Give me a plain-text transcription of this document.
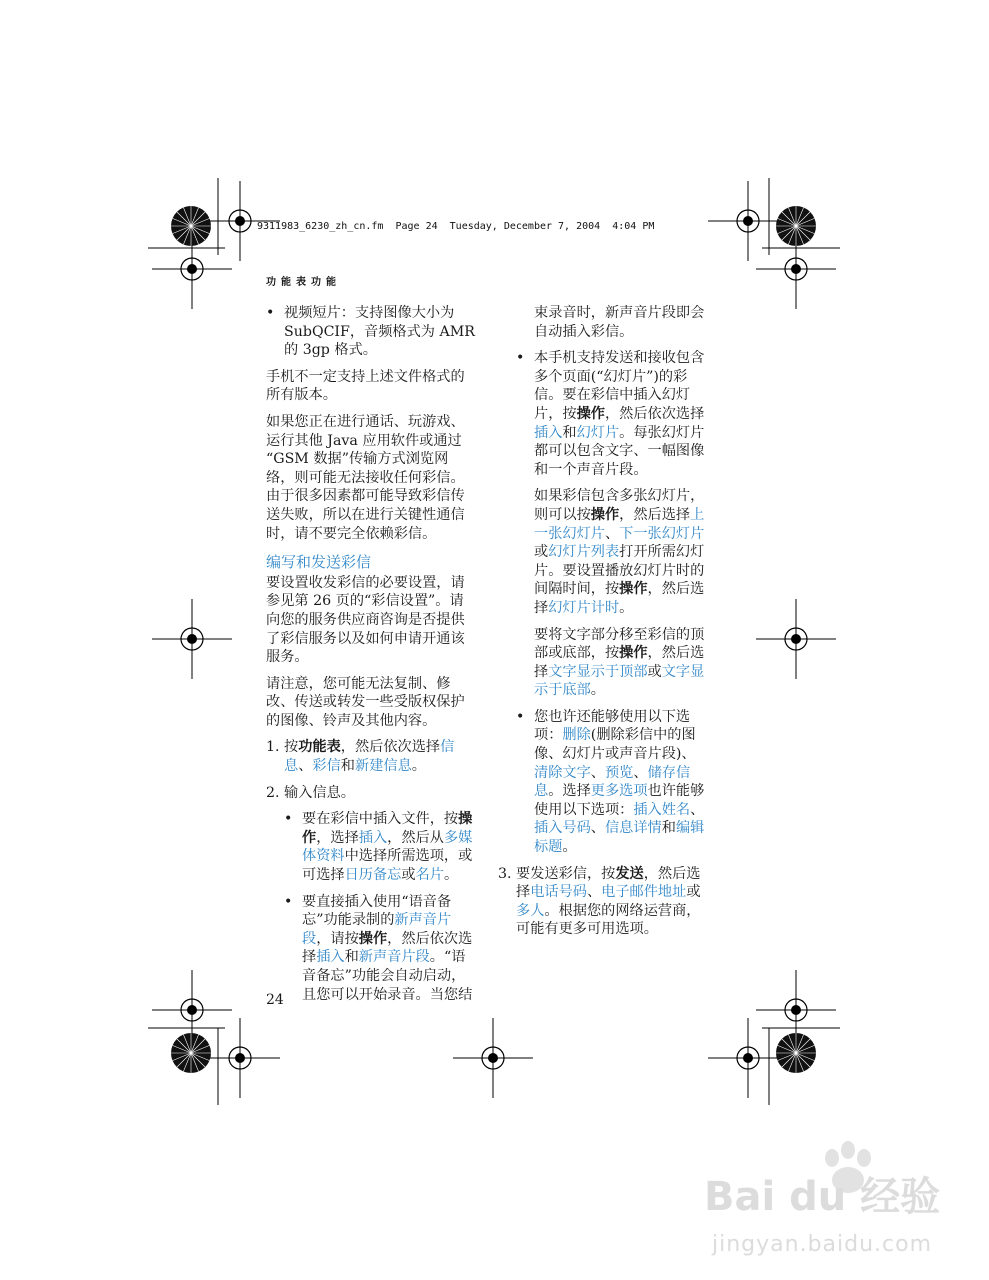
9311983_6230_zh_cn.fm  Page 24  Tuesday, December 7, 2004  4:04 PM
功能表功能
• 视频短片：支持图像大小为
SubQCIF，音频格式为 AMR
的 3gp 格式。

手机不一定支持上述文件格式的
所有版本。

如果您正在进行通话、玩游戏、
运行其他 Java 应用软件或通过
“GSM 数据”传输方式浏览网
络，则可能无法接收任何彩信。
由于很多因素都可能导致彩信传
送失败，所以在进行关键性通信
时，请不要完全依赖彩信。

编写和发送彩信

要设置收发彩信的必要设置，请
参见第 26 页的“彩信设置”。请
向您的服务供应商咨询是否提供
了彩信服务以及如何申请开通该
服务。

请注意，您可能无法复制、修
改、传送或转发一些受版权保护
的图像、铃声及其他内容。

1. 按功能表，然后依次选择信
息、彩信和新建信息。
2. 输入信息。
• 要在彩信中插入文件，按操
作，选择插入，然后从多媒
体资料中选择所需选项，或
可选择日历备忘或名片。
• 要直接插入使用“语音备
忘”功能录制的新声音片
段，请按操作，然后依次选
择插入和新声音片段。“语
音备忘”功能会自动启动，
且您可以开始录音。当您结

束录音时，新声音片段即会
自动插入彩信。

• 本手机支持发送和接收包含
多个页面(“幻灯片”)的彩
信。要在彩信中插入幻灯
片，按操作，然后依次选择
插入和幻灯片。每张幻灯片
都可以包含文字、一幅图像
和一个声音片段。

如果彩信包含多张幻灯片，
则可以按操作，然后选择上
一张幻灯片、下一张幻灯片
或幻灯片列表打开所需幻灯
片。要设置播放幻灯片时的
间隔时间，按操作，然后选
择幻灯片计时。

要将文字部分移至彩信的顶
部或底部，按操作，然后选
择文字显示于顶部或文字显
示于底部。

• 您也许还能够使用以下选
项：删除(删除彩信中的图
像、幻灯片或声音片段)、
清除文字、预览、储存信
息。选择更多选项也许能够
使用以下选项：插入姓名、
插入号码、信息详情和编辑
标题。
3. 要发送彩信，按发送，然后选
择电话号码、电子邮件地址或
多人。根据您的网络运营商，
可能有更多可用选项。
24
Bai du 经验
jingyan.baidu.com
